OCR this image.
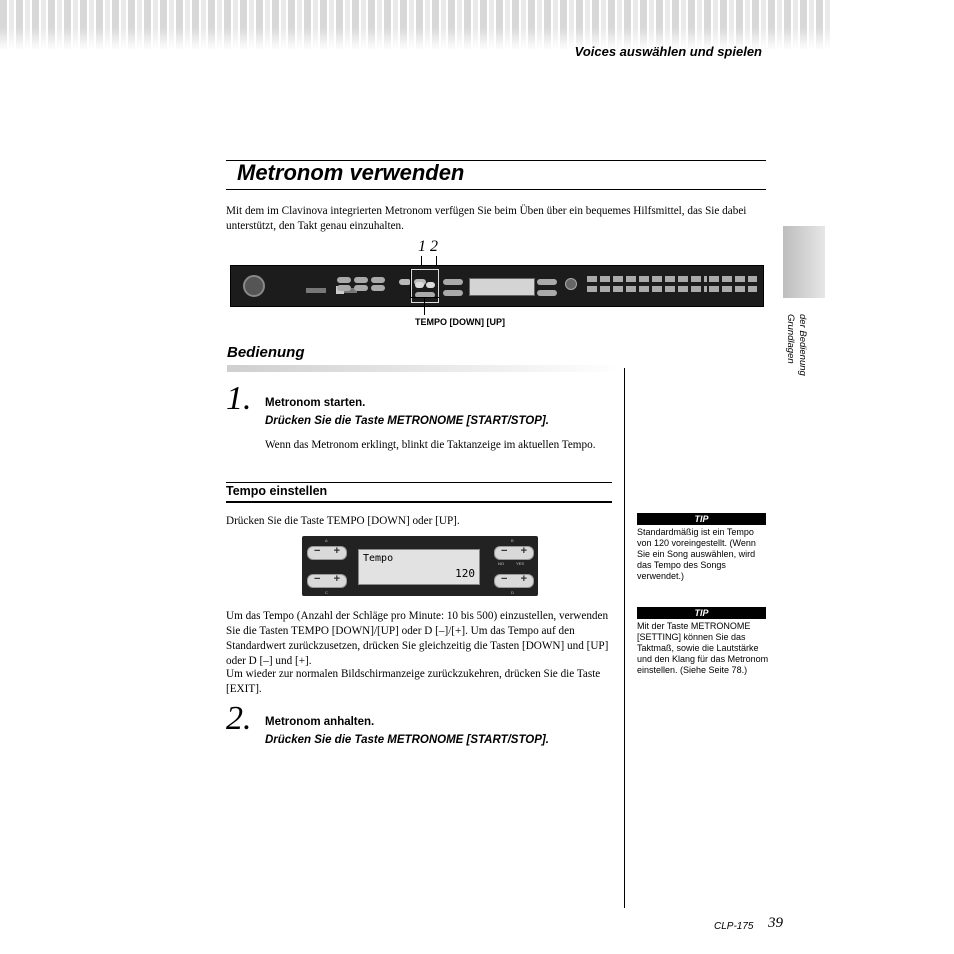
Voices auswählen und spielen
Grundlagen der Bedienung
Metronom verwenden
Mit dem im Clavinova integrierten Metronom verfügen Sie beim Üben über ein bequemes Hilfsmittel, das Sie dabei unterstützt, den Takt genau einzuhalten.
1 2
TEMPO [DOWN] [UP]
Bedienung
1. Metronom starten.
Drücken Sie die Taste METRONOME [START/STOP].
Wenn das Metronom erklingt, blinkt die Taktanzeige im aktuellen Tempo.
Tempo einstellen
Drücken Sie die Taste TEMPO [DOWN] oder [UP].
A
C
B
D
− +
− +
− +
− +
NO	YES
Tempo
120
Um das Tempo (Anzahl der Schläge pro Minute: 10 bis 500) einzustellen, verwenden Sie die Tasten TEMPO [DOWN]/[UP] oder D [–]/[+]. Um das Tempo auf den Standardwert zurückzusetzen, drücken Sie gleichzeitig die Tasten [DOWN] und [UP] oder D [–] und [+].
Um wieder zur normalen Bildschirmanzeige zurückzukehren, drücken Sie die Taste [EXIT].
2. Metronom anhalten.
Drücken Sie die Taste METRONOME [START/STOP].
TIP
Standardmäßig ist ein Tempo von 120 voreingestellt. (Wenn Sie ein Song auswählen, wird das Tempo des Songs verwendet.)
TIP
Mit der Taste METRONOME [SETTING] können Sie das Taktmaß, sowie die Lautstärke und den Klang für das Metronom einstellen. (Siehe Seite 78.)
CLP-175 39
